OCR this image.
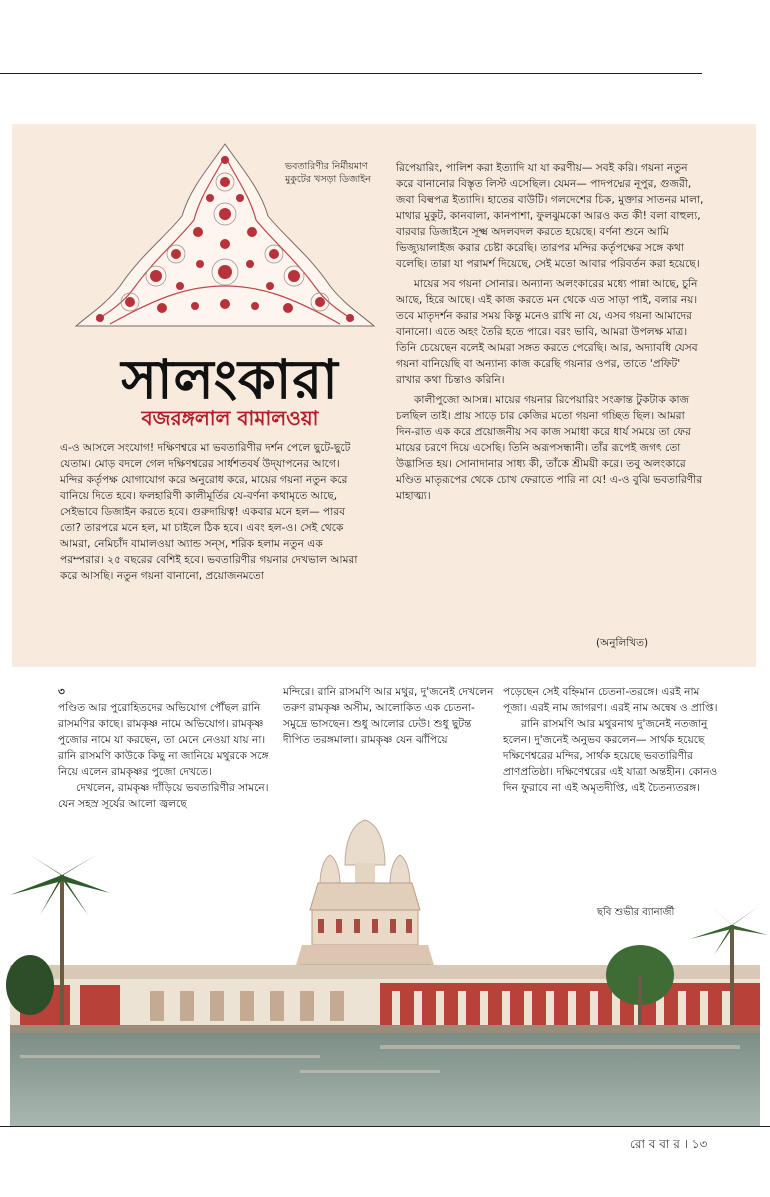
ভবতারিণীর নির্মীয়মাণ মুকুটের খসড়া ডিজাইন
সালংকারা
বজরঙ্গলাল বামালওয়া

এ-ও আসলে সংযোগ! দক্ষিণশ্বরে মা ভবতারিণীর দর্শন পেলে ছুটে-ছুটে যেতাম। মোড় বদলে গেল দক্ষিণশ্বরের সার্ধশতবর্ষ উদ্‌যাপনের আগে। মন্দির কর্তৃপক্ষ যোগাযোগ করে অনুরোধ করে, মায়ের গয়না নতুন করে বানিয়ে দিতে হবে। ফলহারিণী কালীমূর্তির যে-বর্ণনা কথামৃতে আছে, সেইভাবে ডিজাইন করতে হবে। গুরুদায়িত্ব! একবার মনে হল— পারব তো? তারপরে মনে হল, মা চাইলে ঠিক হবে। এবং হল-ও। সেই থেকে আমরা, নেমিচাঁদ বামালওয়া অ্যান্ড সন্‌স, শরিক হলাম নতুন এক পরম্পরার। ২৫ বছরের বেশিই হবে। ভবতারিণীর গয়নার দেখভাল আমরা করে আসছি। নতুন গয়না বানানো, প্রয়োজনমতো

রিপেয়ারিং, পালিশ করা ইত্যাদি যা যা করণীয়— সবই করি। গয়না নতুন করে বানানোর বিস্তৃত লিস্ট এসেছিল। যেমন— পাদপদ্মের নূপুর, গুজরী, জবা বিল্বপত্র ইত্যাদি। হাতের বাউটি। গলদেশের চিক, মুক্তার সাতনর মালা, মাথার মুকুট, কানবালা, কানপাশা, ফুলঝুমকো আরও কত কী! বলা বাহুল্য, বারবার ডিজাইনে সূক্ষ্ম অদলবদল করতে হয়েছে। বর্ণনা শুনে আমি ভিজ্যুয়ালাইজ করার চেষ্টা করেছি। তারপর মন্দির কর্তৃপক্ষের সঙ্গে কথা বলেছি। তারা যা পরামর্শ দিয়েছে, সেই মতো আবার পরিবর্তন করা হয়েছে।

মায়ের সব গয়না সোনার। অন্যান্য অলংকারের মধ্যে পান্না আছে, চুনি আছে, হিরে আছে। এই কাজ করতে মন থেকে এত সাড়া পাই, বলার নয়। তবে মাতৃদর্শন করার সময় কিন্তু মনেও রাখি না যে, এসব গয়না আমাদের বানানো। এতে অহং তৈরি হতে পারে। বরং ভাবি, আমরা উপলক্ষ মাত্র। তিনি চেয়েছেন বলেই আমরা সঙ্গত করতে পেরেছি। আর, অদ্যাবধি যেসব গয়না বানিয়েছি বা অন্যান্য কাজ করেছি গয়নার ওপর, তাতে 'প্রফিট' রাখার কথা চিন্তাও করিনি।

কালীপুজো আসন্ন। মায়ের গয়নার রিপেয়ারিং সংক্রান্ত টুকটাক কাজ চলছিল তাই। প্রায় সাড়ে চার কেজির মতো গয়না গচ্ছিত ছিল। আমরা দিন-রাত এক করে প্রয়োজনীয় সব কাজ সমাধা করে ধার্য সময়ে তা ফের মায়ের চরণে দিয়ে এসেছি। তিনি অরূপসন্ধানী। তাঁর রূপেই জগৎ তো উদ্ভাসিত হয়। সোনাদানার সাধ্য কী, তাঁকে শ্রীময়ী করে। তবু অলংকারে মণ্ডিত মাতৃরূপের থেকে চোখ ফেরাতে পারি না যে! এ-ও বুঝি ভবতারিণীর মাহাত্ম্য।

(অনুলিখিত)

৩

পণ্ডিত আর পুরোহিতদের অভিযোগ পৌঁছল রানি রাসমণির কাছে। রামকৃষ্ণ নামে অভিযোগ। রামকৃষ্ণ পুজোর নামে যা করছেন, তা মেনে নেওয়া যায় না। রানি রাসমণি কাউকে কিছু না জানিয়ে মথুরকে সঙ্গে নিয়ে এলেন রামকৃষ্ণর পুজো দেখতে।

দেখলেন, রামকৃষ্ণ দাঁড়িয়ে ভবতারিণীর সামনে। যেন সহস্র সূর্যের আলো জ্বলছে

মন্দিরে। রানি রাসমণি আর মথুর, দু'জনেই দেখলেন তরুণ রামকৃষ্ণ অসীম, আলোকিত এক চেতনা-সমুদ্রে ভাসছেন। শুধু আলোর ঢেউ। শুধু ছুটন্ত দীপিত তরঙ্গমালা। রামকৃষ্ণ যেন ঝাঁপিয়ে

পড়েছেন সেই বহ্নিমান চেতনা-তরঙ্গে। এরই নাম পূজা। এরই নাম জাগরণ। এরই নাম অন্বেষ ও প্রাপ্তি।

রানি রাসমণি আর মথুরনাথ দু'জনেই নতজানু হলেন। দু'জনেই অনুভব করলেন— সার্থক হয়েছে দক্ষিণেশ্বরের মন্দির, সার্থক হয়েছে ভবতারিণীর প্রাণপ্রতিষ্ঠা। দক্ষিণেশ্বরের এই যাত্রা অন্তহীন। কোনও দিন ফুরাবে না এই অমৃতদীপ্তি, এই চৈতন্যতরঙ্গ।

ছবি শুভীর ব্যানার্জী
রো ব বা র । ১৩
